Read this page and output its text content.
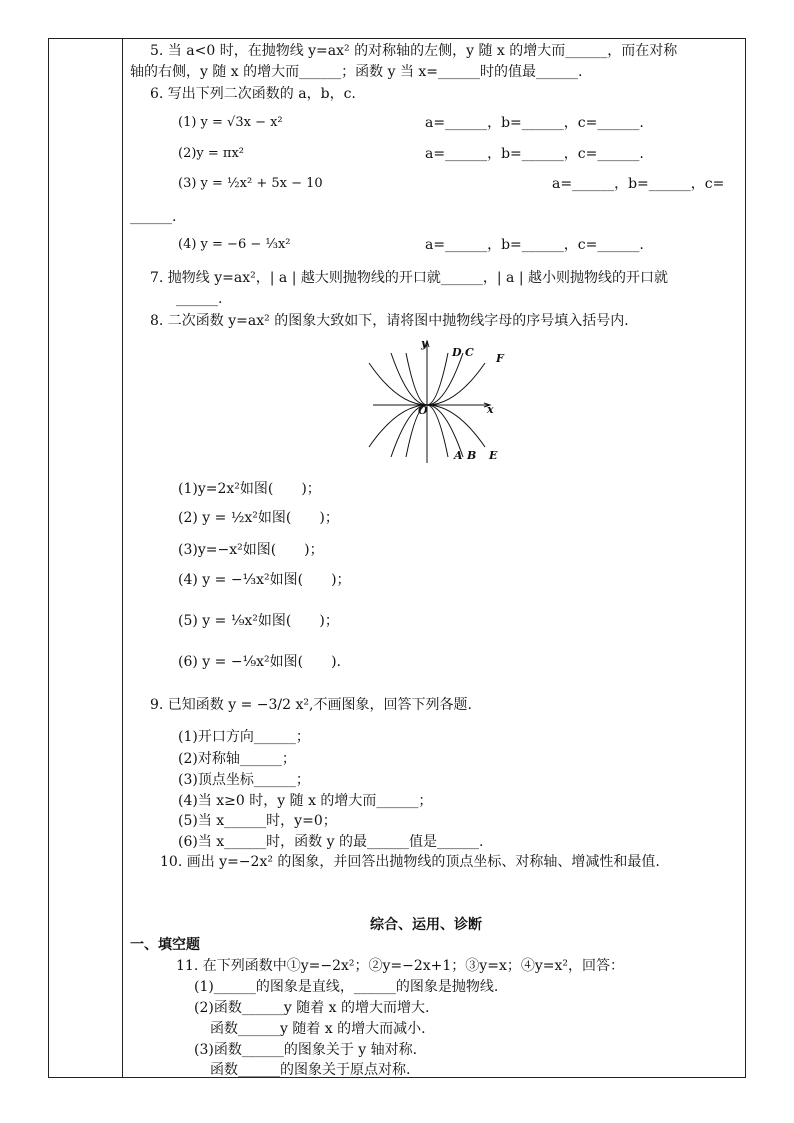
5. 当 a<0 时，在抛物线 y=ax² 的对称轴的左侧，y 随 x 的增大而______，而在对称
轴的右侧，y 随 x 的增大而______；函数 y 当 x=______时的值最______.
6. 写出下列二次函数的 a，b，c.
(1) y = √3x − x²	a=______，b=______，c=______.
(2)y = πx²	a=______，b=______，c=______.
(3) y = ½x² + 5x − 10	a=______，b=______，c=
______.
(4) y = −6 − ⅓x²	a=______，b=______，c=______.
7. 抛物线 y=ax²，| a | 越大则抛物线的开口就______，| a | 越小则抛物线的开口就
______.
8. 二次函数 y=ax² 的图象大致如下，请将图中抛物线字母的序号填入括号内.
y
x
O
D C F
A B E
(1)y=2x²如图(　　)；
(2) y = ½x²如图(　　)；
(3)y=−x²如图(　　)；
(4) y = −⅓x²如图(　　)；
(5) y = ⅑x²如图(　　)；
(6) y = −⅑x²如图(　　).
9. 已知函数 y = −3/2 x²,不画图象，回答下列各题.
(1)开口方向______；
(2)对称轴______；
(3)顶点坐标______；
(4)当 x≥0 时，y 随 x 的增大而______；
(5)当 x______时，y=0；
(6)当 x______时，函数 y 的最______值是______.
10. 画出 y=−2x² 的图象，并回答出抛物线的顶点坐标、对称轴、增减性和最值.
综合、运用、诊断
一、填空题
11. 在下列函数中①y=−2x²；②y=−2x+1；③y=x；④y=x²，回答：
(1)______的图象是直线，______的图象是抛物线.
(2)函数______y 随着 x 的增大而增大.
函数______y 随着 x 的增大而减小.
(3)函数______的图象关于 y 轴对称.
函数______的图象关于原点对称.
